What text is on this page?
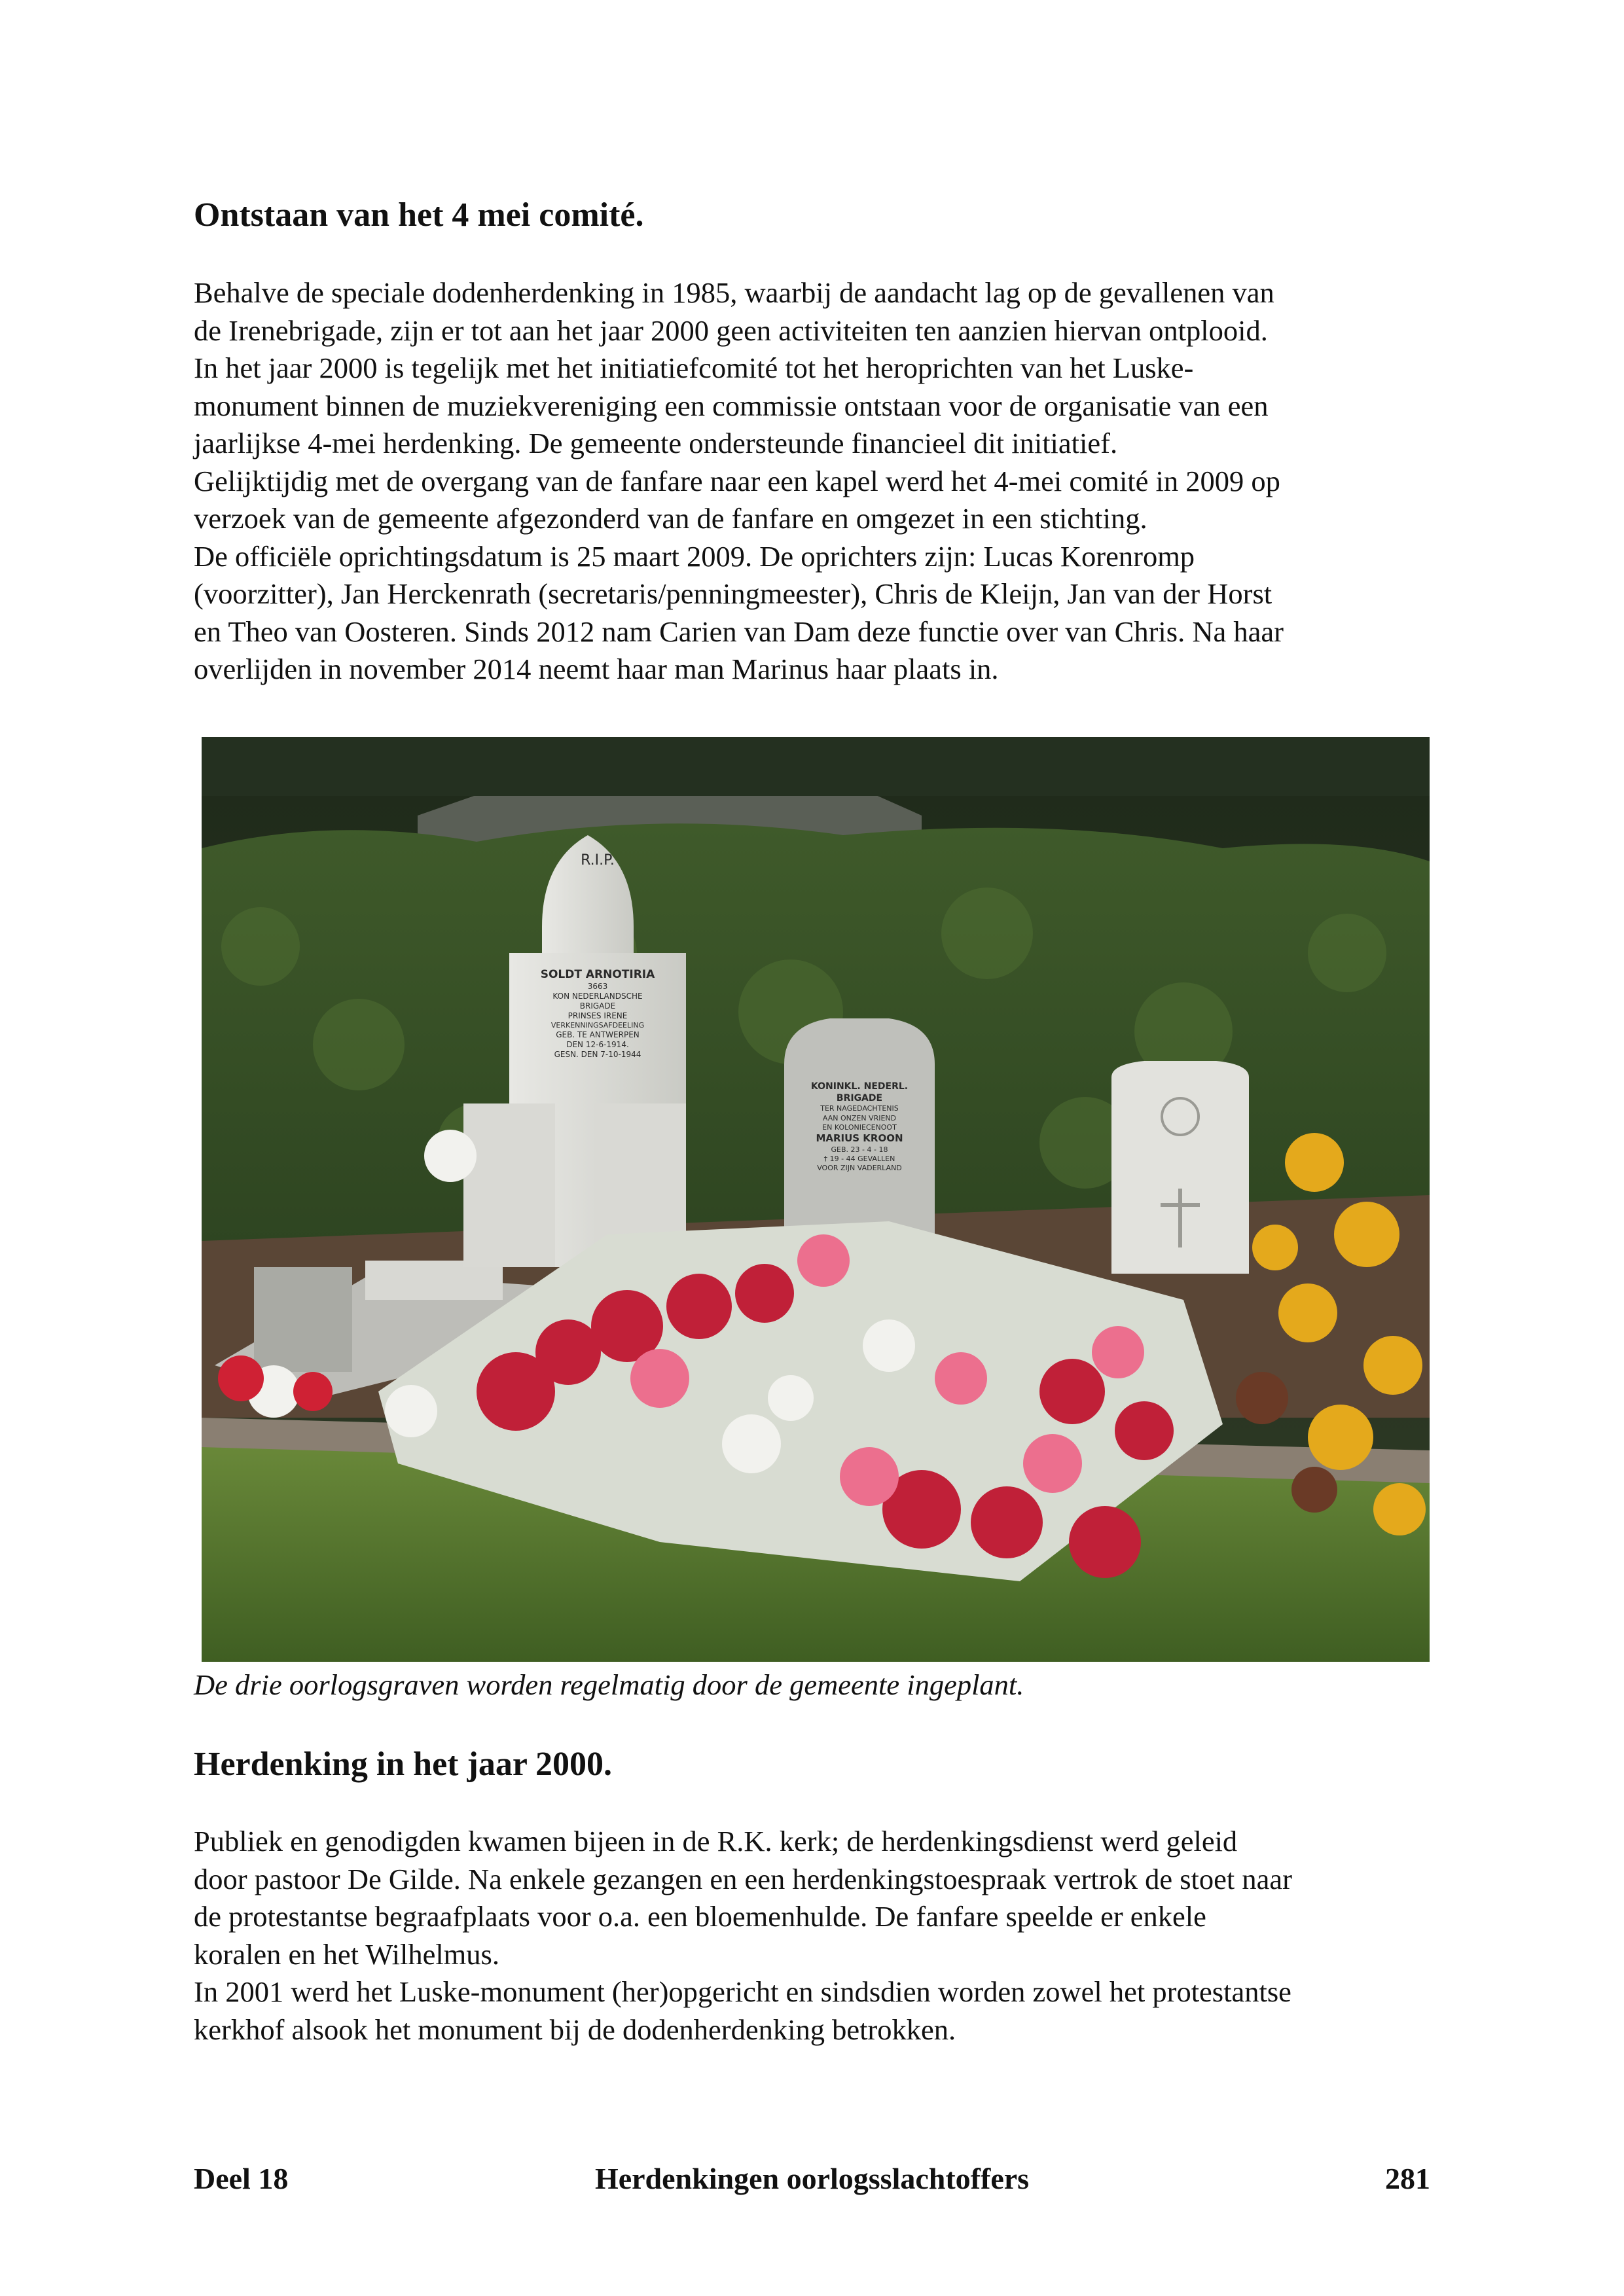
Ontstaan van het 4 mei comité.
Behalve de speciale dodenherdenking in 1985, waarbij de aandacht lag op de gevallenen van
de Irenebrigade, zijn er tot aan het jaar 2000 geen activiteiten ten aanzien hiervan ontplooid.
In het jaar 2000 is tegelijk met het initiatiefcomité tot het heroprichten van het Luske-
monument binnen de muziekvereniging een commissie ontstaan voor de organisatie van een
jaarlijkse 4-mei herdenking. De gemeente ondersteunde financieel dit initiatief.
Gelijktijdig met de overgang van de fanfare naar een kapel werd het 4-mei comité in 2009 op
verzoek van de gemeente afgezonderd van de fanfare en omgezet in een stichting.
De officiële oprichtingsdatum is 25 maart 2009. De oprichters zijn: Lucas Korenromp
(voorzitter), Jan Herckenrath (secretaris/penningmeester), Chris de Kleijn, Jan van der Horst
en Theo van Oosteren. Sinds 2012 nam Carien van Dam deze functie over van Chris. Na haar
overlijden in november 2014 neemt haar man Marinus haar plaats in.
R.I.P.
SOLDT ARNOTIRIA
3663
KON NEDERLANDSCHE
BRIGADE
PRINSES IRENE
VERKENNINGSAFDEELING
GEB. TE ANTWERPEN
DEN 12-6-1914.
GESN. DEN 7-10-1944
KONINKL. NEDERL.
BRIGADE
TER NAGEDACHTENIS
AAN ONZEN VRIEND
EN KOLONIECENOOT
MARIUS KROON
GEB. 23 - 4 - 18
† 19 - 44 GEVALLEN
VOOR ZIJN VADERLAND
De drie oorlogsgraven worden regelmatig door de gemeente ingeplant.
Herdenking in het jaar 2000.
Publiek en genodigden kwamen bijeen in de R.K. kerk; de herdenkingsdienst werd geleid
door pastoor De Gilde. Na enkele gezangen en een herdenkingstoespraak vertrok de stoet naar
de protestantse begraafplaats voor o.a. een bloemenhulde. De fanfare speelde er enkele
koralen en het Wilhelmus.
In 2001 werd het Luske-monument (her)opgericht en sindsdien worden zowel het protestantse
kerkhof alsook het monument bij de dodenherdenking betrokken.
Deel 18	Herdenkingen oorlogsslachtoffers	281
